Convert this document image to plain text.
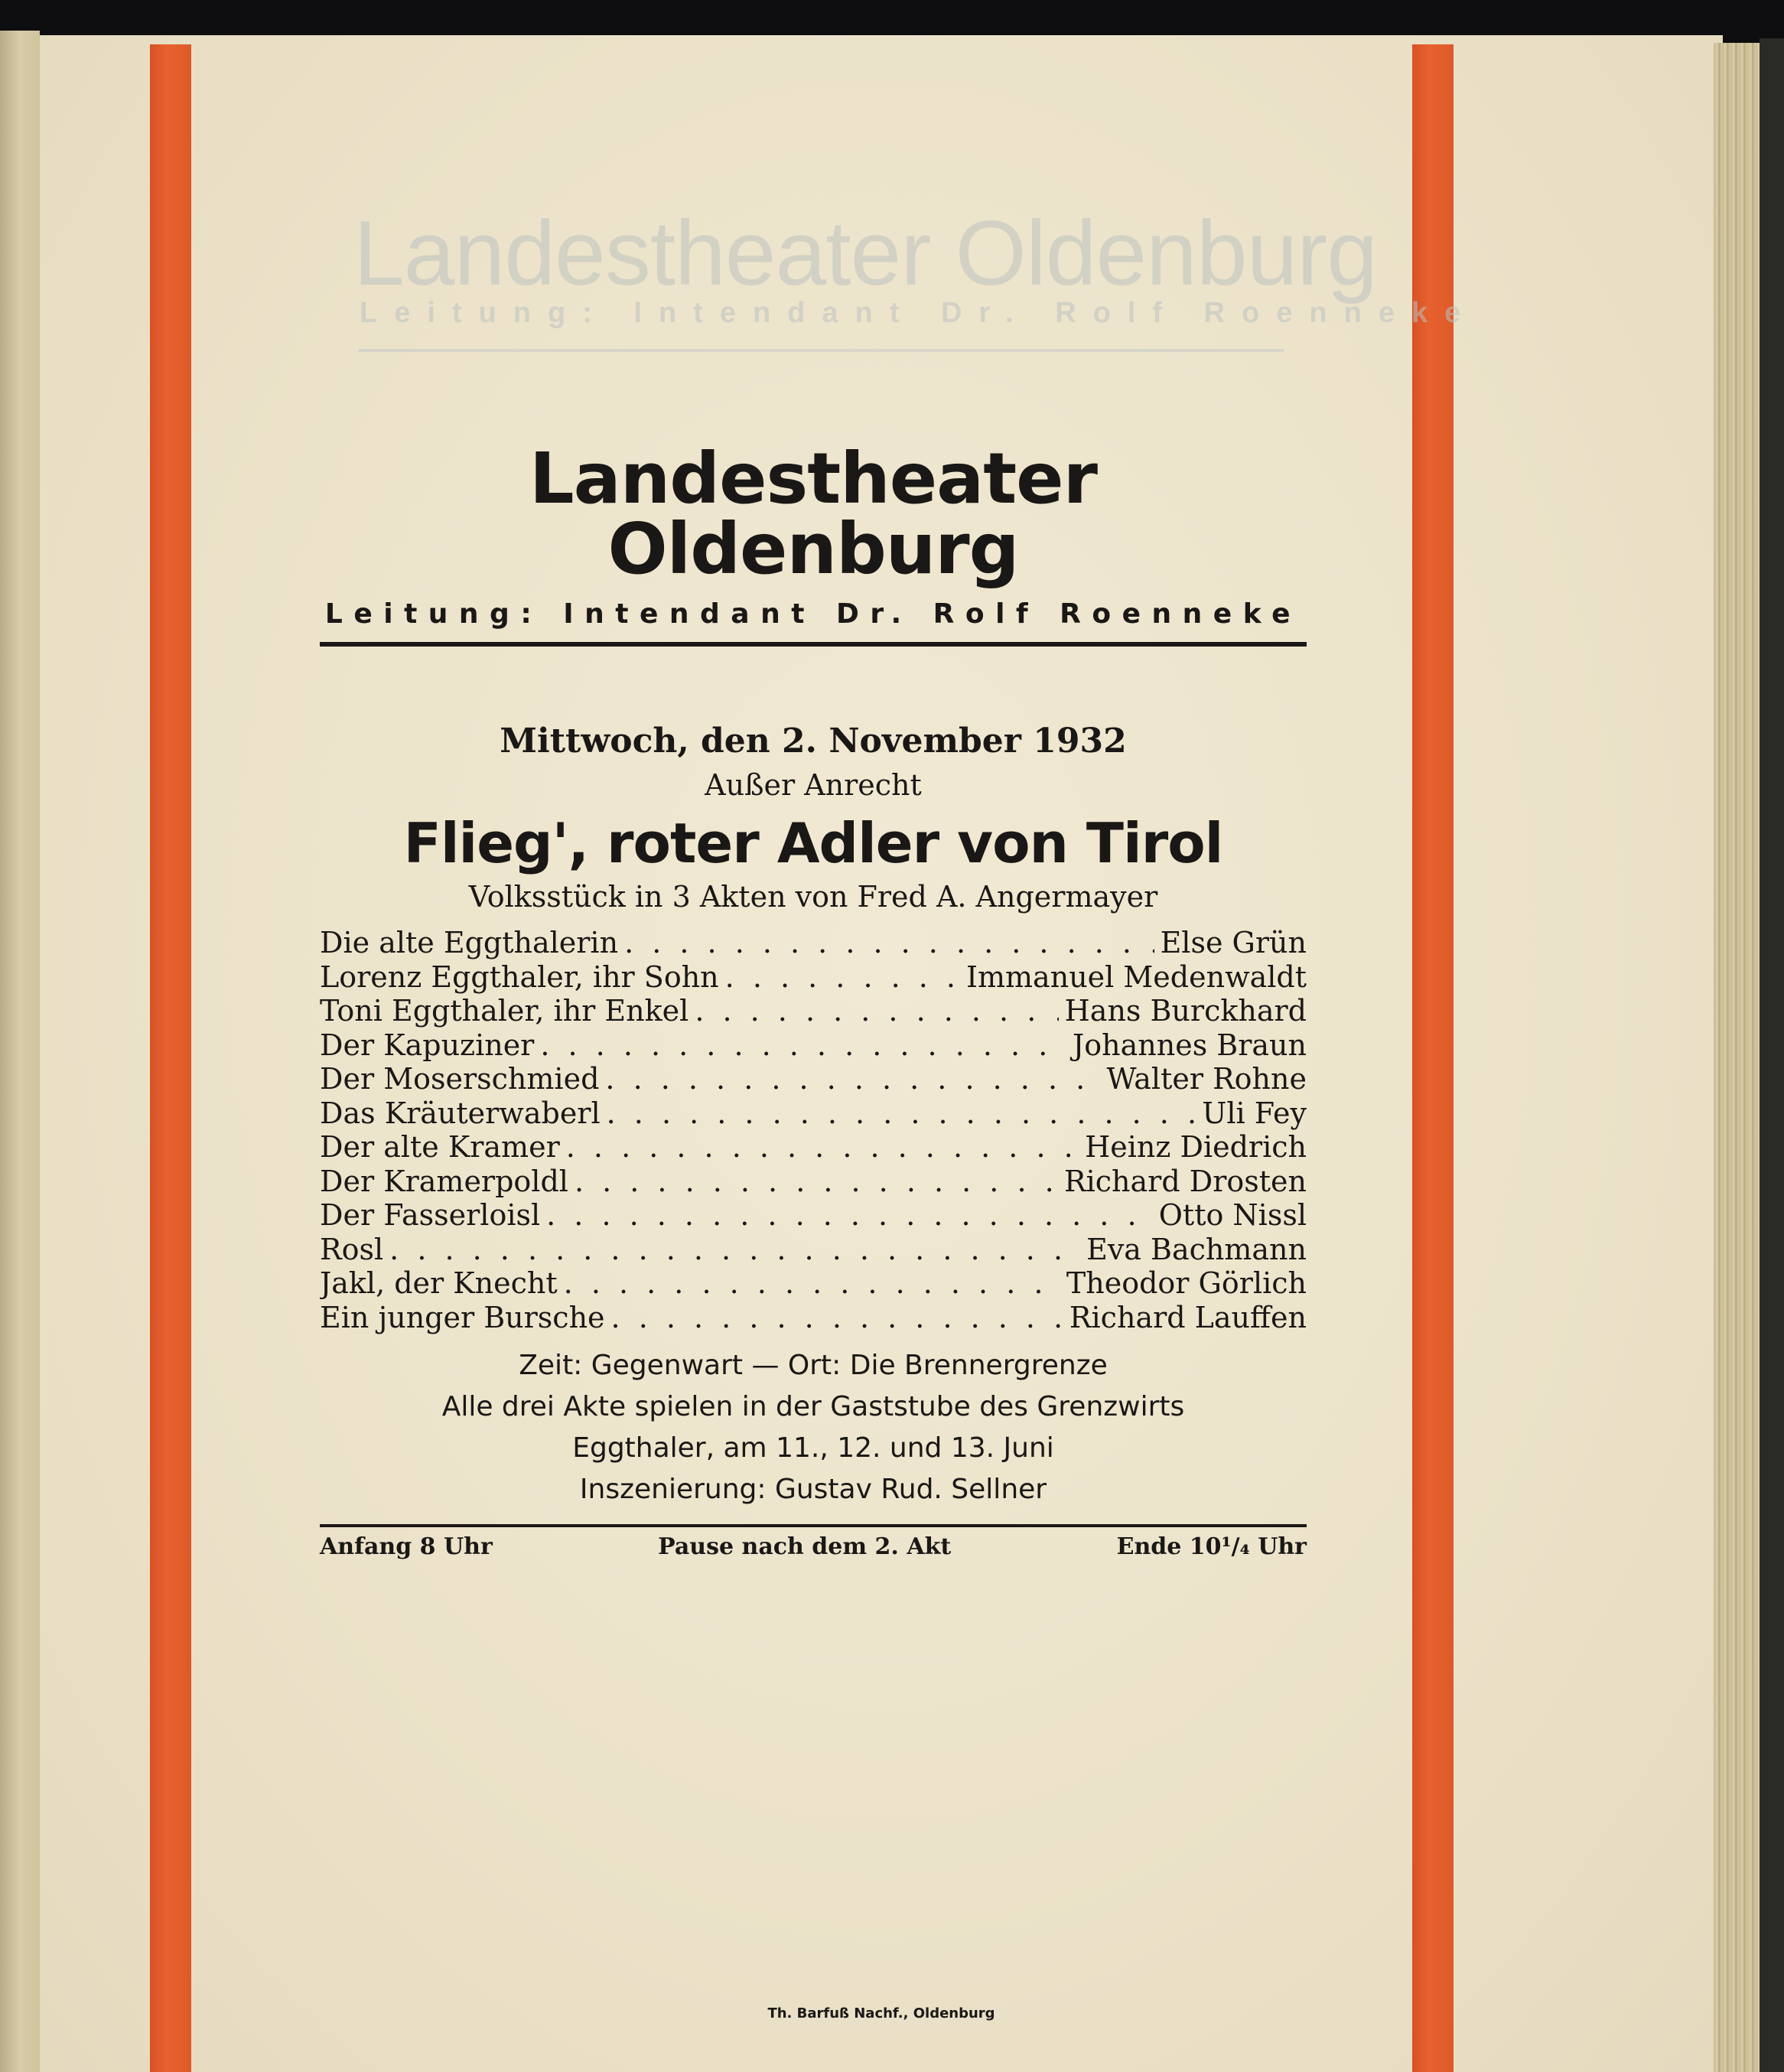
Landestheater Oldenburg
Leitung: Intendant Dr. Rolf Roenneke
Landestheater Oldenburg
Leitung: Intendant Dr. Rolf Roenneke
Mittwoch, den 2. November 1932
Außer Anrecht
Flieg', roter Adler von Tirol
Volksstück in 3 Akten von Fred A. Angermayer
Die alte Eggthalerin . . .	Else Grün
Lorenz Eggthaler, ihr Sohn . . .	Immanuel Medenwaldt
Toni Eggthaler, ihr Enkel . . .	Hans Burckhard
Der Kapuziner . . .	Johannes Braun
Der Moserschmied . . .	Walter Rohne
Das Kräuterwaberl . . .	Uli Fey
Der alte Kramer . . .	Heinz Diedrich
Der Kramerpoldl . . .	Richard Drosten
Der Fasserloisl . . .	Otto Nissl
Rosl . . .	Eva Bachmann
Jakl, der Knecht . . .	Theodor Görlich
Ein junger Bursche . . .	Richard Lauffen
Zeit: Gegenwart — Ort: Die Brennergrenze
Alle drei Akte spielen in der Gaststube des Grenzwirts
Eggthaler, am 11., 12. und 13. Juni
Inszenierung: Gustav Rud. Sellner
Anfang 8 Uhr	Pause nach dem 2. Akt	Ende 10¹/₄ Uhr
Th. Barfuß Nachf., Oldenburg
